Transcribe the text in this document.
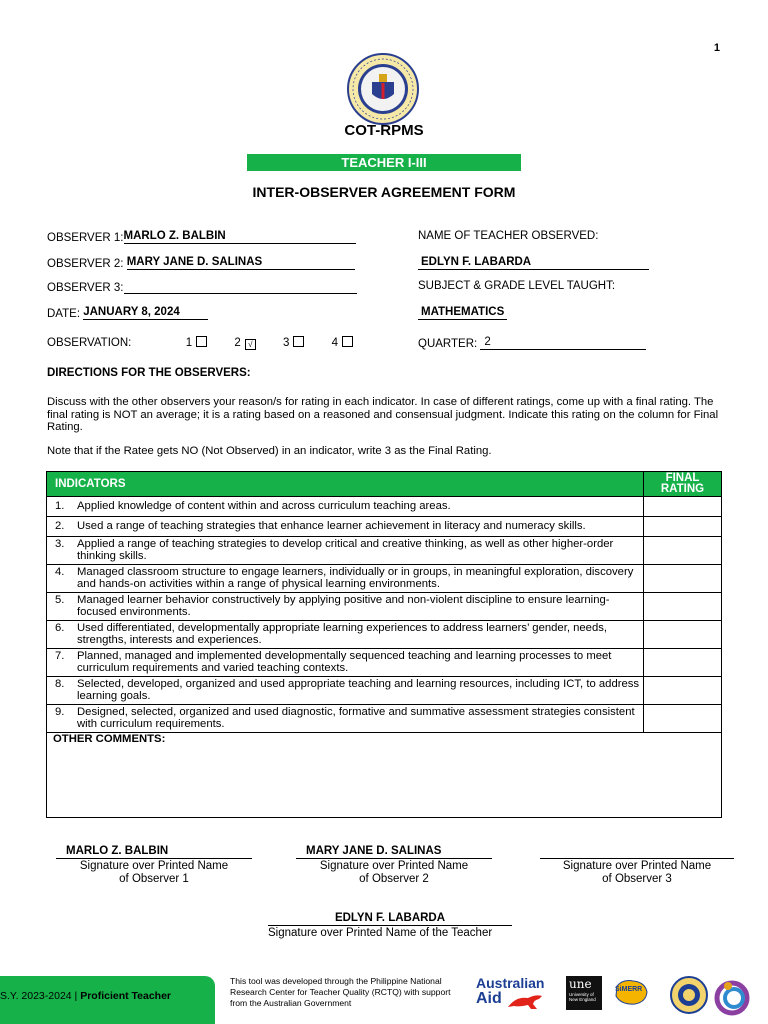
1
COT-RPMS
TEACHER I-III
INTER-OBSERVER AGREEMENT FORM
OBSERVER 1:MARLO Z. BALBIN
OBSERVER 2: MARY JANE D. SALINAS
OBSERVER 3:
DATE: JANUARY 8, 2024
OBSERVATION:	1	2 √	3	4
NAME OF TEACHER OBSERVED:
EDLYN F. LABARDA
SUBJECT & GRADE LEVEL TAUGHT:
MATHEMATICS
QUARTER: 2
DIRECTIONS FOR THE OBSERVERS:
Discuss with the other observers your reason/s for rating in each indicator. In case of different ratings, come up with a final rating. The final rating is NOT an average; it is a rating based on a reasoned and consensual judgment. Indicate this rating on the column for Final Rating.
Note that if the Ratee gets NO (Not Observed) in an indicator, write 3 as the Final Rating.
INDICATORS	FINAL RATING

1. Applied knowledge of content within and across curriculum teaching areas.	

2. Used a range of teaching strategies that enhance learner achievement in literacy and numeracy skills.	

3. Applied a range of teaching strategies to develop critical and creative thinking, as well as other higher-order thinking skills.	

4. Managed classroom structure to engage learners, individually or in groups, in meaningful exploration, discovery and hands-on activities within a range of physical learning environments.	

5. Managed learner behavior constructively by applying positive and non-violent discipline to ensure learning-focused environments.	

6. Used differentiated, developmentally appropriate learning experiences to address learners’ gender, needs, strengths, interests and experiences.	

7. Planned, managed and implemented developmentally sequenced teaching and learning processes to meet curriculum requirements and varied teaching contexts.	

8. Selected, developed, organized and used appropriate teaching and learning resources, including ICT, to address learning goals.	

9. Designed, selected, organized and used diagnostic, formative and summative assessment strategies consistent with curriculum requirements.	

OTHER COMMENTS:	
MARLO Z. BALBIN
Signature over Printed Name
of Observer 1
MARY JANE D. SALINAS
Signature over Printed Name
of Observer 2
Signature over Printed Name
of Observer 3
EDLYN F. LABARDA
Signature over Printed Name of the Teacher
S.Y. 2023-2024 | Proficient Teacher
This tool was developed through the Philippine National Research Center for Teacher Quality (RCTQ) with support from the Australian Government
Australian
Aid
une
University of New England
SiMERR
